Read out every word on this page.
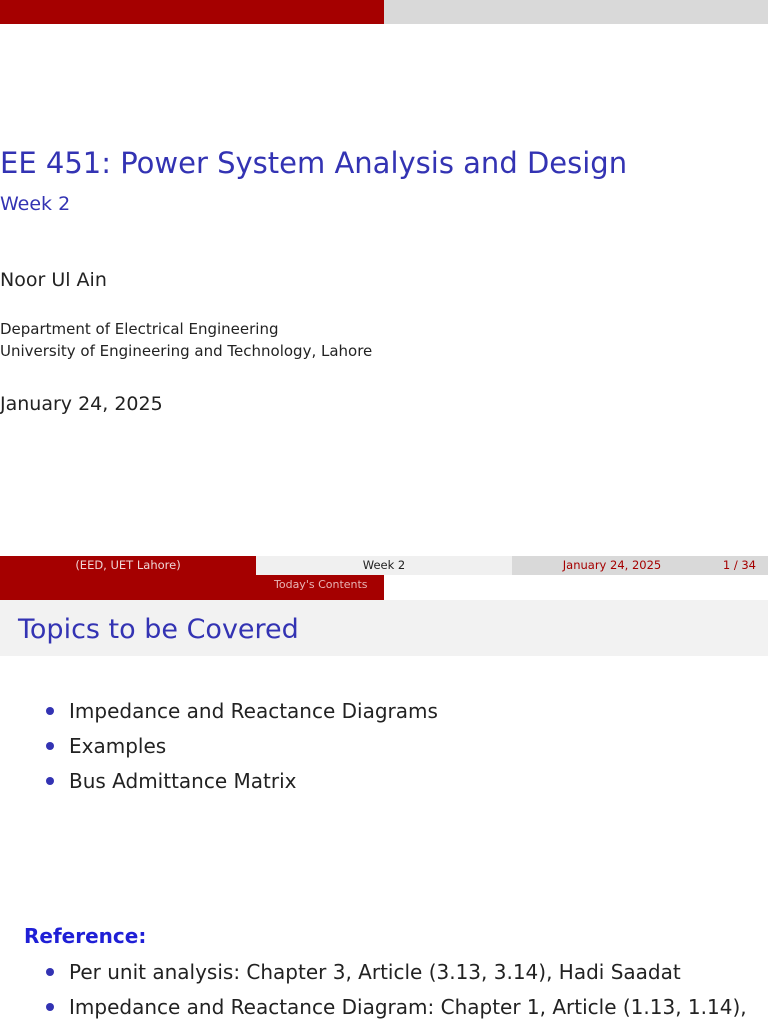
EE 451: Power System Analysis and Design
Week 2
Noor Ul Ain
Department of Electrical Engineering
University of Engineering and Technology, Lahore
January 24, 2025
(EED, UET Lahore)	Week 2	January 24, 2025	1 / 34
Today's Contents
Topics to be Covered
Impedance and Reactance Diagrams
Examples
Bus Admittance Matrix
Reference:
Per unit analysis: Chapter 3, Article (3.13, 3.14), Hadi Saadat
Impedance and Reactance Diagram: Chapter 1, Article (1.13, 1.14),
